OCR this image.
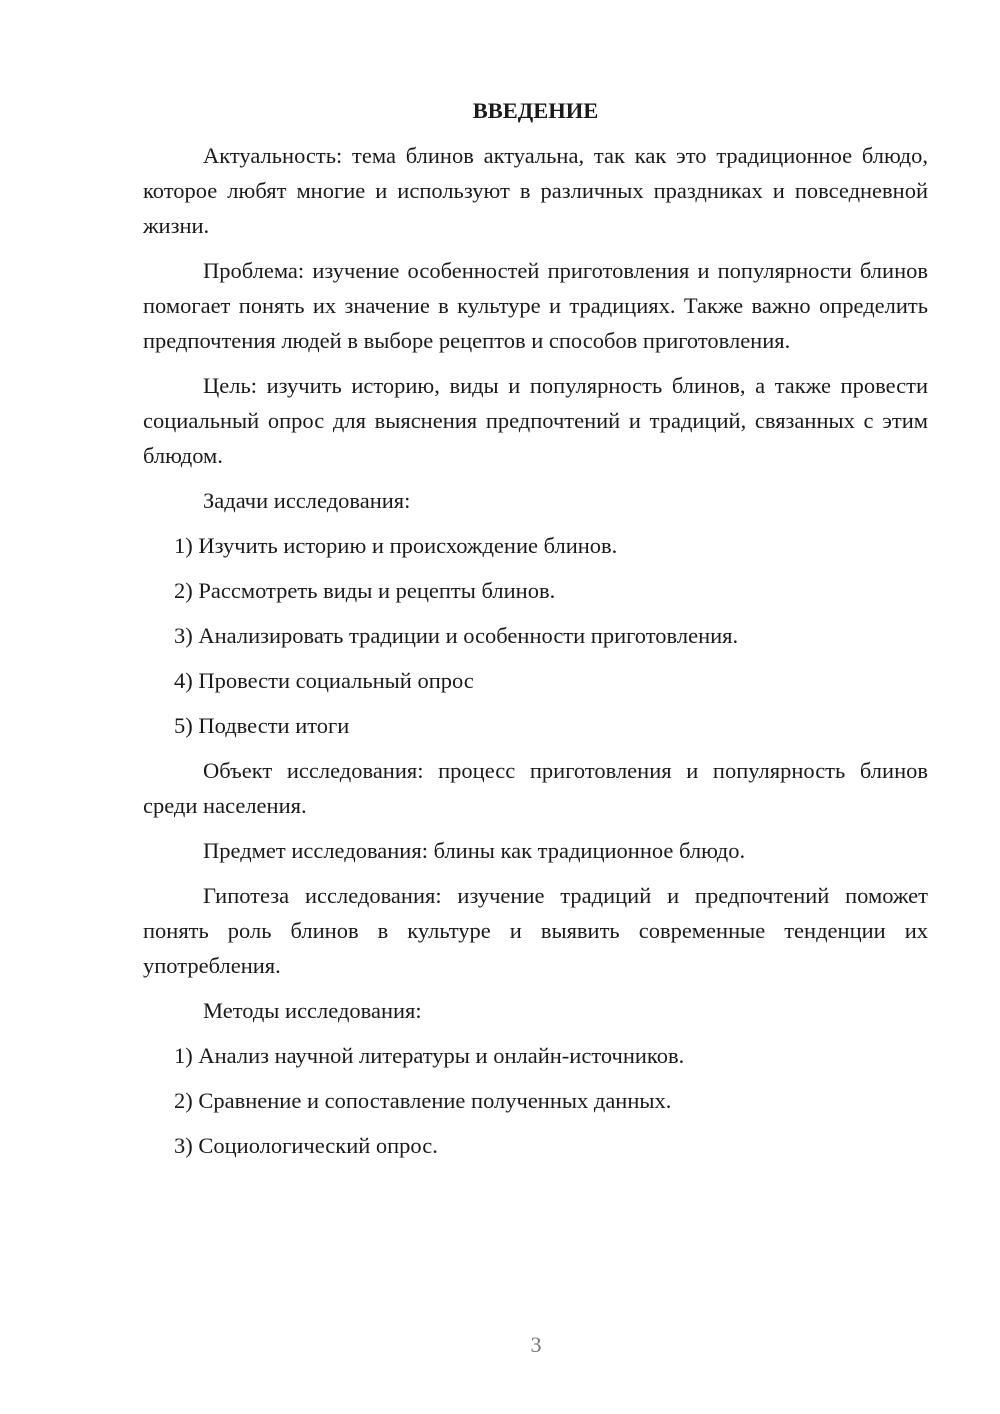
ВВЕДЕНИЕ

Актуальность: тема блинов актуальна, так как это традиционное блюдо, которое любят многие и используют в различных праздниках и повседневной жизни.

Проблема: изучение особенностей приготовления и популярности блинов помогает понять их значение в культуре и традициях. Также важно определить предпочтения людей в выборе рецептов и способов приготовления.

Цель: изучить историю, виды и популярность блинов, а также провести социальный опрос для выяснения предпочтений и традиций, связанных с этим блюдом.

Задачи исследования:

1) Изучить историю и происхождение блинов.
2) Рассмотреть виды и рецепты блинов.
3) Анализировать традиции и особенности приготовления.
4) Провести социальный опрос
5) Подвести итоги

Объект исследования: процесс приготовления и популярность блинов среди населения.

Предмет исследования: блины как традиционное блюдо.

Гипотеза исследования: изучение традиций и предпочтений поможет понять роль блинов в культуре и выявить современные тенденции их употребления.

Методы исследования:

1) Анализ научной литературы и онлайн-источников.
2) Сравнение и сопоставление полученных данных.
3) Социологический опрос.
3
